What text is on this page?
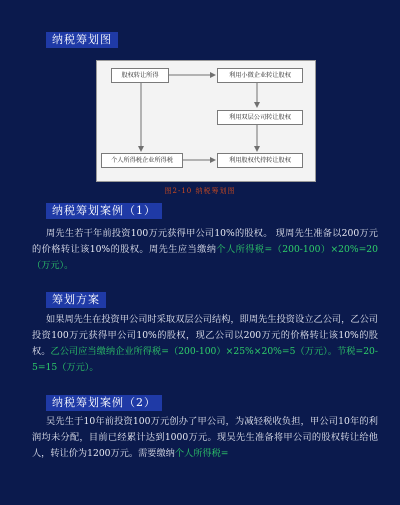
纳税筹划图
股权转让所得	利用小微企业转让股权
利用双层公司转让股权
个人所得税企业所得税	利用股权代持转让股权
图2-10 纳税筹划图
纳税筹划案例（1）
周先生若干年前投资100万元获得甲公司10%的股权。 现周先生准备以200万元的价格转让该10%的股权。周先生应当缴纳个人所得税=（200-100）×20%=20（万元）。
筹划方案
如果周先生在投资甲公司时采取双层公司结构，即周先生投资设立乙公司，乙公司投资100万元获得甲公司10%的股权，现乙公司以200万元的价格转让该10%的股权。乙公司应当缴纳企业所得税=（200-100）×25%×20%=5（万元）。节税=20-5=15（万元）。
纳税筹划案例（2）
吴先生于10年前投资100万元创办了甲公司，为减轻税收负担，甲公司10年的利润均未分配，目前已经累计达到1000万元。现吴先生准备将甲公司的股权转让给他人，转让价为1200万元。需要缴纳个人所得税=
